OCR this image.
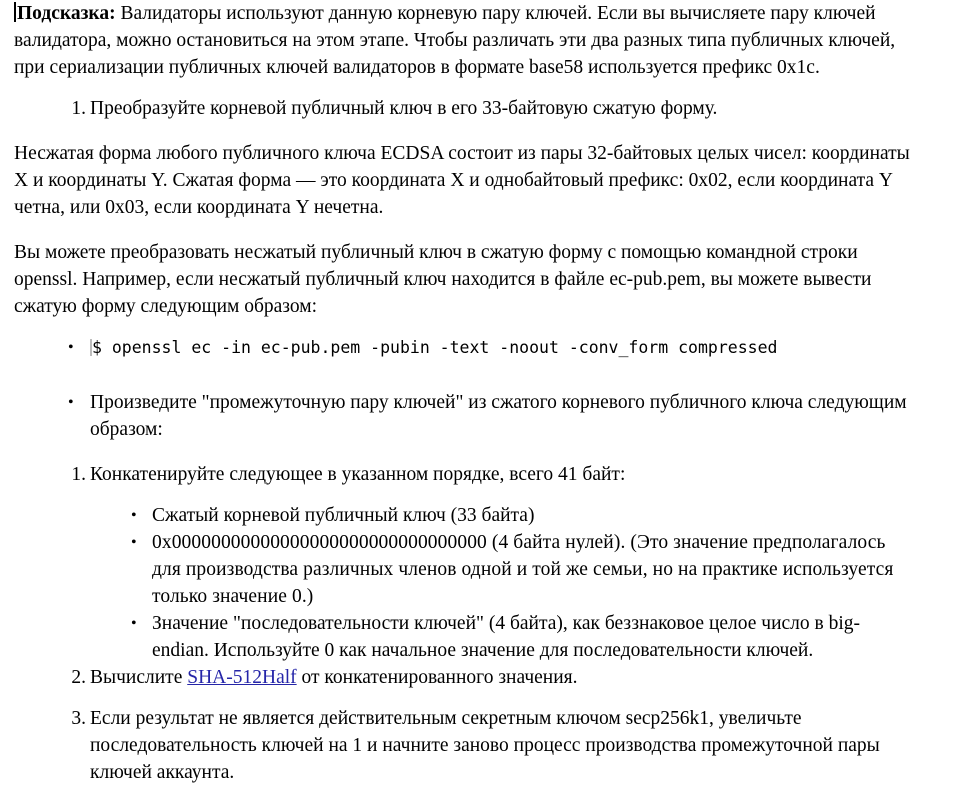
Подсказка: Валидаторы используют данную корневую пару ключей. Если вы вычисляете пару ключей валидатора, можно остановиться на этом этапе. Чтобы различать эти два разных типа публичных ключей, при сериализации публичных ключей валидаторов в формате base58 используется префикс 0x1c.

1. Преобразуйте корневой публичный ключ в его 33-байтовую сжатую форму.

Несжатая форма любого публичного ключа ECDSA состоит из пары 32-байтовых целых чисел: координаты X и координаты Y. Сжатая форма — это координата X и однобайтовый префикс: 0x02, если координата Y четна, или 0x03, если координата Y нечетна.

Вы можете преобразовать несжатый публичный ключ в сжатую форму с помощью командной строки openssl. Например, если несжатый публичный ключ находится в файле ec-pub.pem, вы можете вывести сжатую форму следующим образом:

• $ openssl ec -in ec-pub.pem -pubin -text -noout -conv_form compressed
• Произведите "промежуточную пару ключей" из сжатого корневого публичного ключа следующим образом:
1. Конкатенируйте следующее в указанном порядке, всего 41 байт:
• Сжатый корневой публичный ключ (33 байта)
• 0x00000000000000000000000000000000 (4 байта нулей). (Это значение предполагалось для производства различных членов одной и той же семьи, но на практике используется только значение 0.)
• Значение "последовательности ключей" (4 байта), как беззнаковое целое число в big-endian. Используйте 0 как начальное значение для последовательности ключей.
2. Вычислите SHA-512Half от конкатенированного значения.
3. Если результат не является действительным секретным ключом secp256k1, увеличьте последовательность ключей на 1 и начните заново процесс производства промежуточной пары ключей аккаунта.
